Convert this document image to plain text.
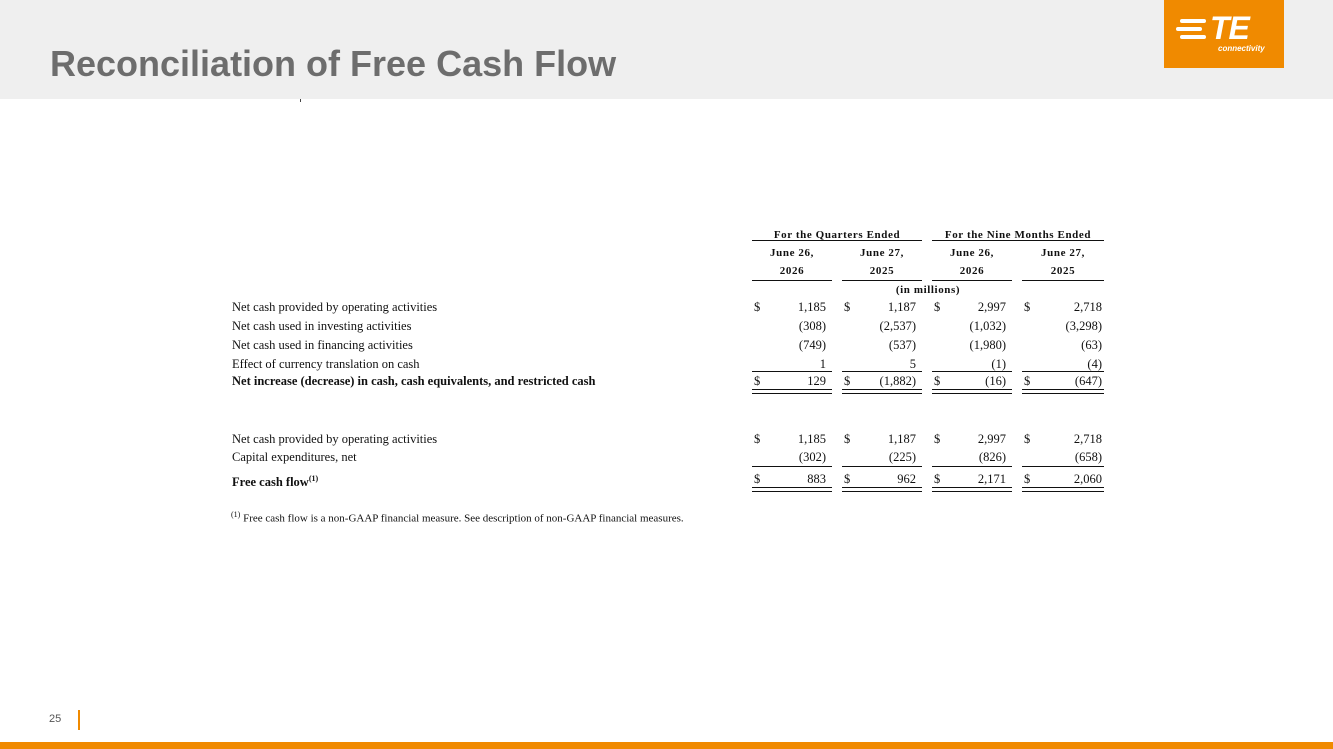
Reconciliation of Free Cash Flow
TE
connectivity
For the Quarters Ended	For the Nine Months Ended
June 26,	June 27,	June 26,	June 27,
2026	2025	2026	2025
(in millions)
Net cash provided by operating activities	$	1,185 $	1,187 $	2,997 $	2,718
Net cash used in investing activities	(308)	(2,537)	(1,032)	(3,298)
Net cash used in financing activities	(749)	(537)	(1,980)	(63)
Effect of currency translation on cash	1	5	(1)	(4)
Net increase (decrease) in cash, cash equivalents, and restricted cash	$	129 $	(1,882) $	(16) $	(647)
Net cash provided by operating activities	$	1,185 $	1,187 $	2,997 $	2,718
Capital expenditures, net	(302)	(225)	(826)	(658)
Free cash flow$^{(1)}$	$	883 $	962 $	2,171 $	2,060
$^{(1)}$ Free cash flow is a non-GAAP financial measure. See description of non-GAAP financial measures.
25
